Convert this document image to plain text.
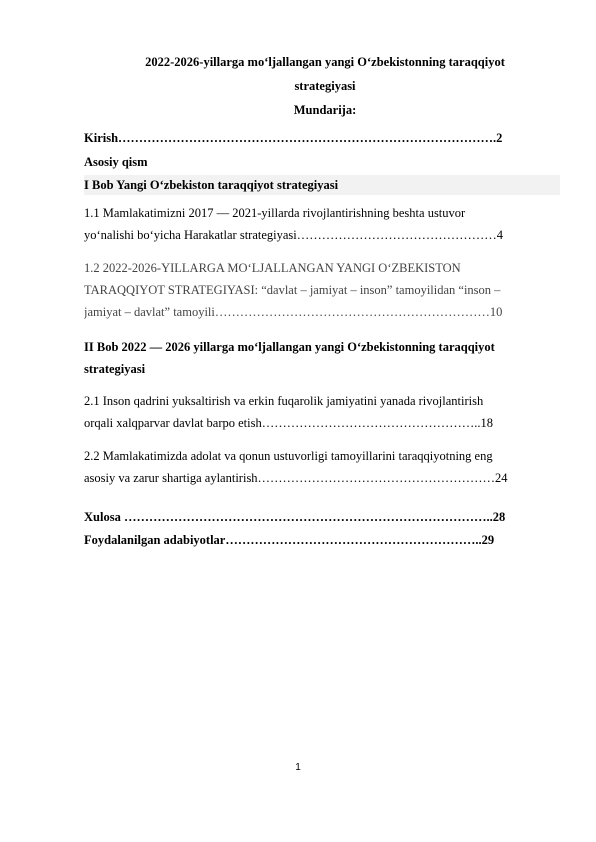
2022-2026-yillarga mo‘ljallangan yangi O‘zbekistonning taraqqiyot
strategiyasi
Mundarija:
Kirish……………………………………………………………………………….2
Asosiy qism
I Bob Yangi O‘zbekiston taraqqiyot strategiyasi
1.1 Mamlakatimizni 2017 — 2021-yillarda rivojlantirishning beshta ustuvor
yo‘nalishi bo‘yicha Harakatlar strategiyasi…………………………………………4
1.2 2022-2026-YILLARGA MO‘LJALLANGAN YANGI O‘ZBEKISTON
TARAQQIYOT STRATEGIYASI: “davlat – jamiyat – inson” tamoyilidan “inson –
jamiyat – davlat” tamoyili…………………………………………………………10
II Bob 2022 — 2026 yillarga mo‘ljallangan yangi O‘zbekistonning taraqqiyot
strategiyasi
2.1 Inson qadrini yuksaltirish va erkin fuqarolik jamiyatini yanada rivojlantirish
orqali xalqparvar davlat barpo etish……………………………………………..18
2.2 Mamlakatimizda adolat va qonun ustuvorligi tamoyillarini taraqqiyotning eng
asosiy va zarur shartiga aylantirish…………………………………………………24
Xulosa ……………………………………………………………………………..28
Foydalanilgan adabiyotlar……………………………………………………..29
1
